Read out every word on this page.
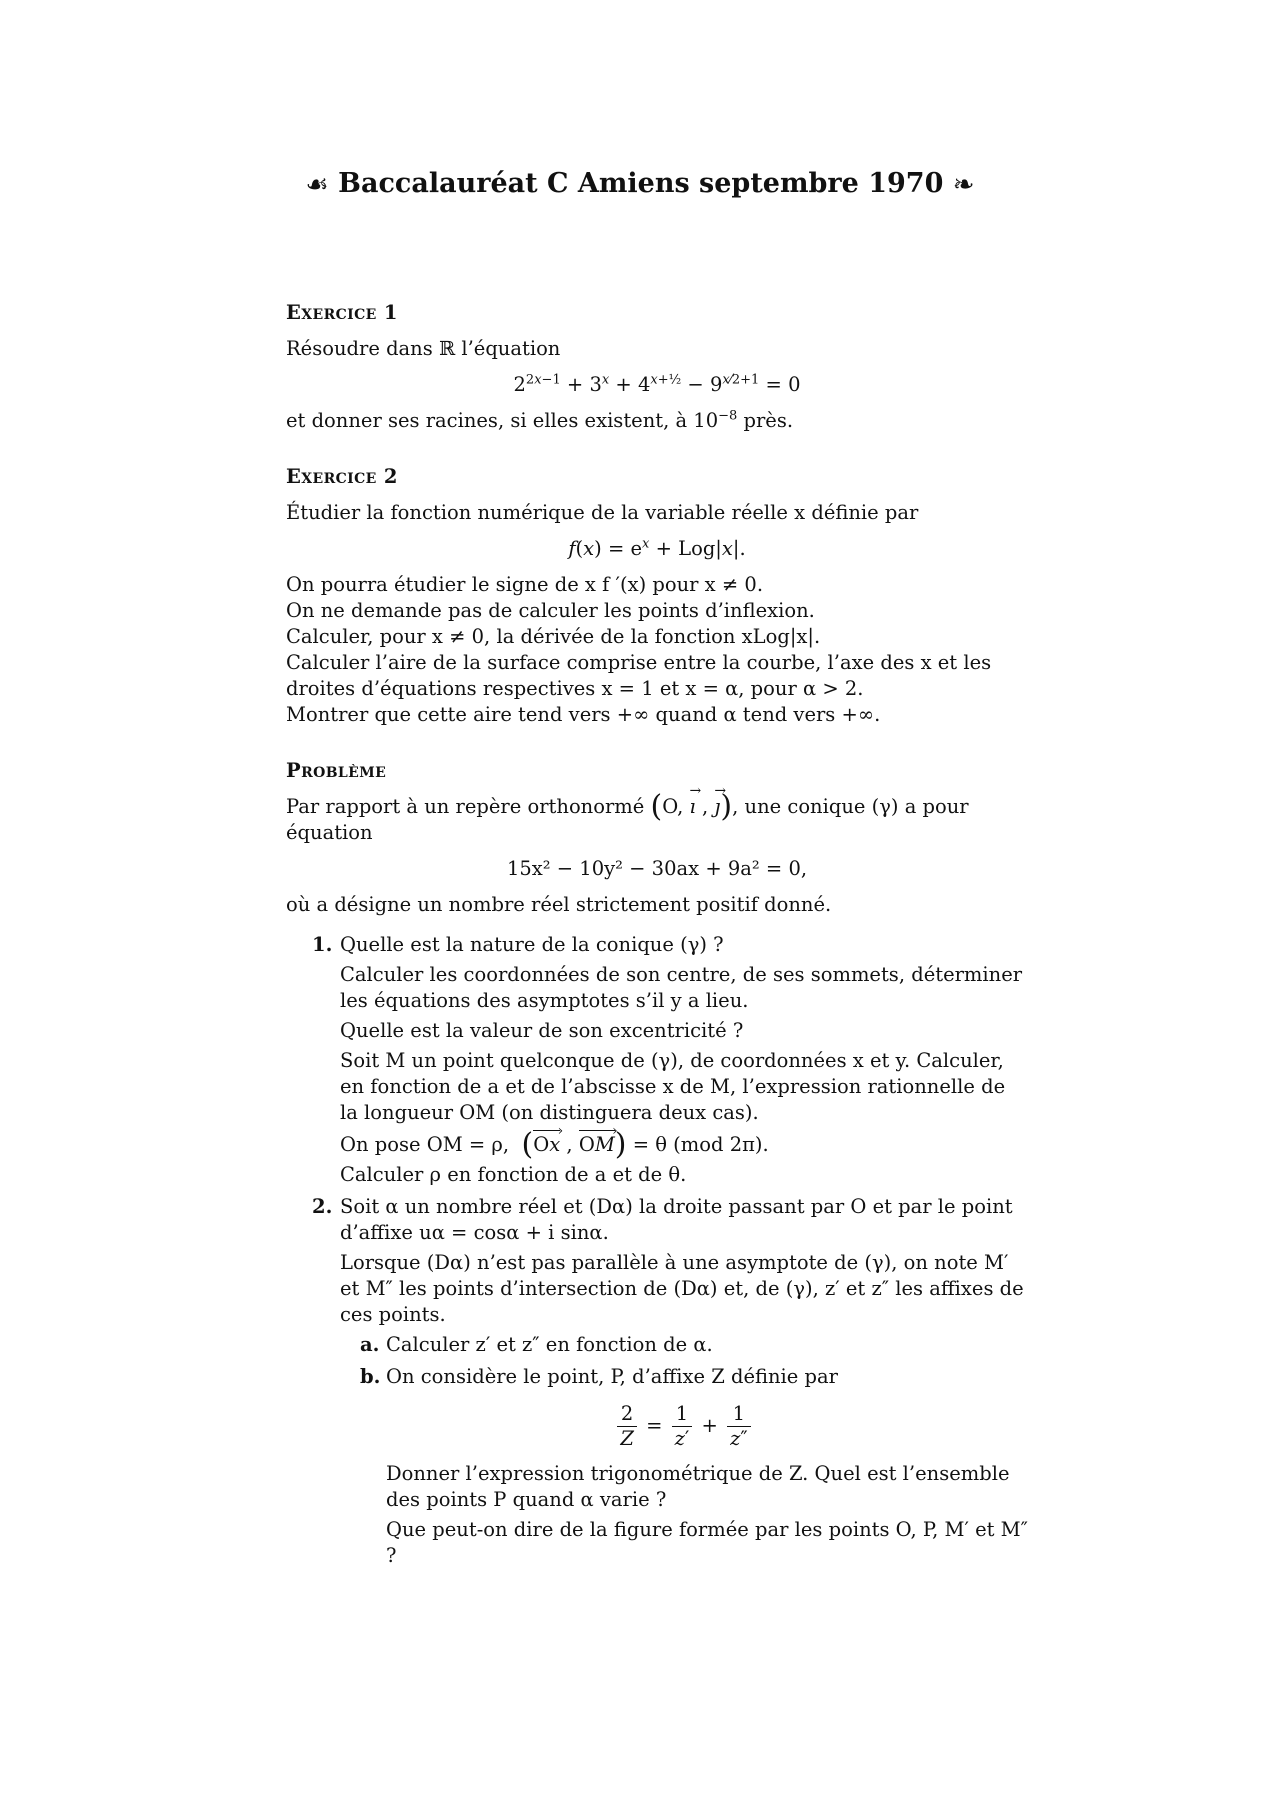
☙ Baccalauréat C Amiens septembre 1970 ❧
Exercice 1

Résoudre dans ℝ l’équation

$2^{2x-1} + 3^x + 4^{x+\frac{1}{2}} - 9^{x⁄2+1} = 0$

et donner ses racines, si elles existent, à $10^{-8}$ près.

Exercice 2

Étudier la fonction numérique de la variable réelle x définie par

$f(x) = e^x + Log|x|$.

On pourra étudier le signe de x f ′(x) pour x ≠ 0.

On ne demande pas de calculer les points d’inflexion.

Calculer, pour x ≠ 0, la dérivée de la fonction xLog|x|.

Calculer l’aire de la surface comprise entre la courbe, l’axe des x et les droites d’équations respectives x = 1 et x = α, pour α > 2.

Montrer que cette aire tend vers +∞ quand α tend vers +∞.

Problème

Par rapport à un repère orthonormé (O, → ı , → ȷ), une conique (γ) a pour équation

15x² − 10y² − 30ax + 9a² = 0,

où a désigne un nombre réel strictement positif donné.

1. Quelle est la nature de la conique (γ) ?
Calculer les coordonnées de son centre, de ses sommets, déterminer les équations des asymptotes s’il y a lieu.
Quelle est la valeur de son excentricité ?
Soit M un point quelconque de (γ), de coordonnées x et y. Calculer, en fonction de a et de l’abscisse x de M, l’expression rationnelle de la longueur OM (on distinguera deux cas).
On pose OM = ρ, (Ox › , OM ›) = θ (mod 2π).
Calculer ρ en fonction de a et de θ.
2. Soit α un nombre réel et (Dα) la droite passant par O et par le point d’affixe uα = cosα + i sinα.
Lorsque (Dα) n’est pas parallèle à une asymptote de (γ), on note M′ et M″ les points d’intersection de (Dα) et, de (γ), z′ et z″ les affixes de ces points.
a. Calculer z′ et z″ en fonction de α.
b. On considère le point, P, d’affixe Z définie par
$\frac{2}{Z} = \frac{1}{z'} + \frac{1}{z''}$
Donner l’expression trigonométrique de Z. Quel est l’ensemble des points P quand α varie ?
Que peut-on dire de la figure formée par les points O, P, M′ et M″ ?
